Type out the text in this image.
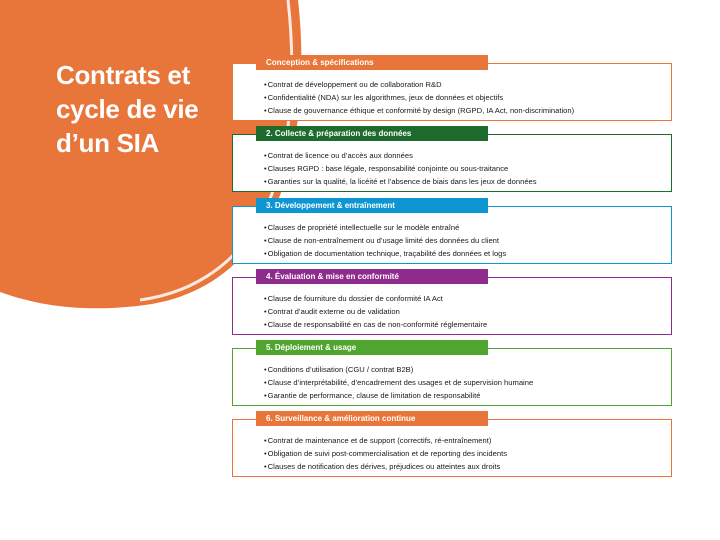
Contrats et
cycle de vie
d’un SIA
Conception & spécifications
• Contrat de développement ou de collaboration R&D
• Confidentialité (NDA) sur les algorithmes, jeux de données et objectifs
• Clause de gouvernance éthique et conformité by design (RGPD, IA Act, non-discrimination)
2. Collecte & préparation des données
• Contrat de licence ou d’accès aux données
• Clauses RGPD : base légale, responsabilité conjointe ou sous-traitance
• Garanties sur la qualité, la licéité et l’absence de biais dans les jeux de données
3. Développement & entraînement
• Clauses de propriété intellectuelle sur le modèle entraîné
• Clause de non-entraînement ou d’usage limité des données du client
• Obligation de documentation technique, traçabilité des données et logs
4. Évaluation & mise en conformité
• Clause de fourniture du dossier de conformité IA Act
• Contrat d’audit externe ou de validation
• Clause de responsabilité en cas de non-conformité réglementaire
5. Déploiement & usage
• Conditions d’utilisation (CGU / contrat B2B)
• Clause d’interprétabilité, d’encadrement des usages et de supervision humaine
• Garantie de performance, clause de limitation de responsabilité
6. Surveillance & amélioration continue
• Contrat de maintenance et de support (correctifs, ré-entraînement)
• Obligation de suivi post-commercialisation et de reporting des incidents
• Clauses de notification des dérives, préjudices ou atteintes aux droits
